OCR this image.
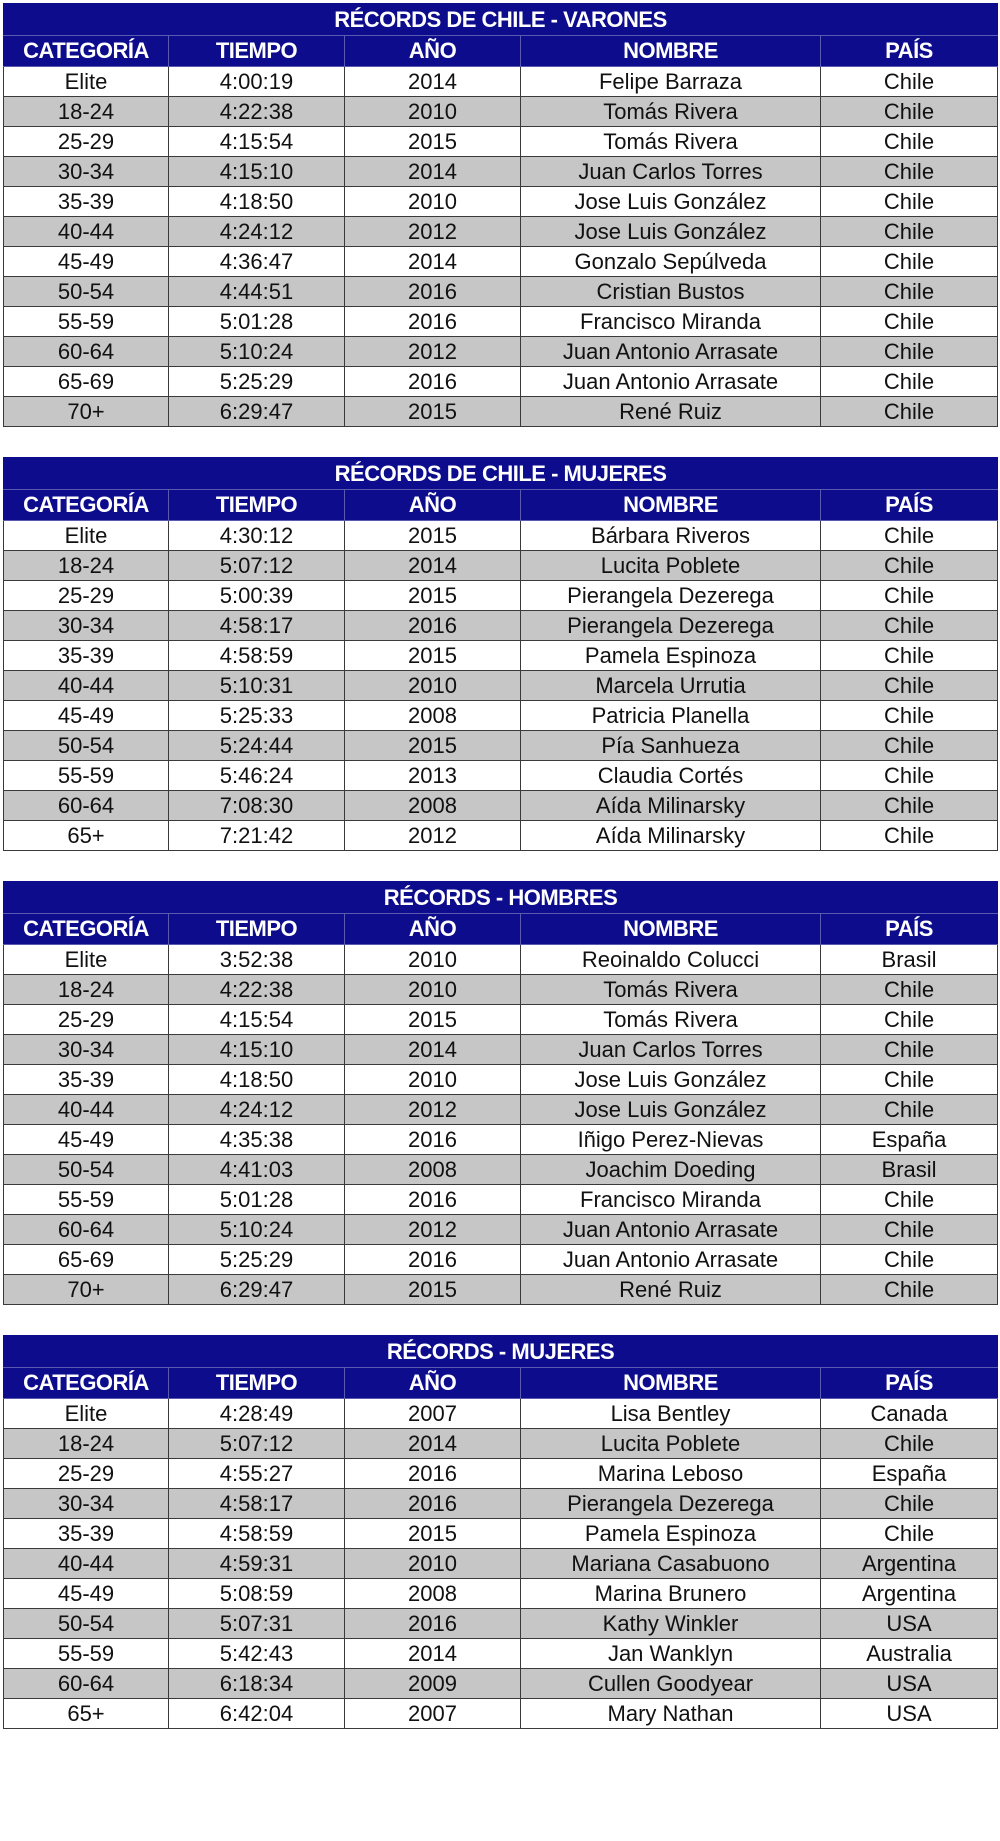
RÉCORDS DE CHILE - VARONES				
CATEGORÍA	TIEMPO	AÑO	NOMBRE	PAÍS
Elite	4:00:19	2014	Felipe Barraza	Chile
18-24	4:22:38	2010	Tomás Rivera	Chile
25-29	4:15:54	2015	Tomás Rivera	Chile
30-34	4:15:10	2014	Juan Carlos Torres	Chile
35-39	4:18:50	2010	Jose Luis González	Chile
40-44	4:24:12	2012	Jose Luis González	Chile
45-49	4:36:47	2014	Gonzalo Sepúlveda	Chile
50-54	4:44:51	2016	Cristian Bustos	Chile
55-59	5:01:28	2016	Francisco Miranda	Chile
60-64	5:10:24	2012	Juan Antonio Arrasate	Chile
65-69	5:25:29	2016	Juan Antonio Arrasate	Chile
70+	6:29:47	2015	René Ruiz	Chile
RÉCORDS DE CHILE - MUJERES				
CATEGORÍA	TIEMPO	AÑO	NOMBRE	PAÍS
Elite	4:30:12	2015	Bárbara Riveros	Chile
18-24	5:07:12	2014	Lucita Poblete	Chile
25-29	5:00:39	2015	Pierangela Dezerega	Chile
30-34	4:58:17	2016	Pierangela Dezerega	Chile
35-39	4:58:59	2015	Pamela Espinoza	Chile
40-44	5:10:31	2010	Marcela Urrutia	Chile
45-49	5:25:33	2008	Patricia Planella	Chile
50-54	5:24:44	2015	Pía Sanhueza	Chile
55-59	5:46:24	2013	Claudia Cortés	Chile
60-64	7:08:30	2008	Aída Milinarsky	Chile
65+	7:21:42	2012	Aída Milinarsky	Chile
RÉCORDS - HOMBRES				
CATEGORÍA	TIEMPO	AÑO	NOMBRE	PAÍS
Elite	3:52:38	2010	Reoinaldo Colucci	Brasil
18-24	4:22:38	2010	Tomás Rivera	Chile
25-29	4:15:54	2015	Tomás Rivera	Chile
30-34	4:15:10	2014	Juan Carlos Torres	Chile
35-39	4:18:50	2010	Jose Luis González	Chile
40-44	4:24:12	2012	Jose Luis González	Chile
45-49	4:35:38	2016	Iñigo Perez-Nievas	España
50-54	4:41:03	2008	Joachim Doeding	Brasil
55-59	5:01:28	2016	Francisco Miranda	Chile
60-64	5:10:24	2012	Juan Antonio Arrasate	Chile
65-69	5:25:29	2016	Juan Antonio Arrasate	Chile
70+	6:29:47	2015	René Ruiz	Chile
RÉCORDS - MUJERES				
CATEGORÍA	TIEMPO	AÑO	NOMBRE	PAÍS
Elite	4:28:49	2007	Lisa Bentley	Canada
18-24	5:07:12	2014	Lucita Poblete	Chile
25-29	4:55:27	2016	Marina Leboso	España
30-34	4:58:17	2016	Pierangela Dezerega	Chile
35-39	4:58:59	2015	Pamela Espinoza	Chile
40-44	4:59:31	2010	Mariana Casabuono	Argentina
45-49	5:08:59	2008	Marina Brunero	Argentina
50-54	5:07:31	2016	Kathy Winkler	USA
55-59	5:42:43	2014	Jan Wanklyn	Australia
60-64	6:18:34	2009	Cullen Goodyear	USA
65+	6:42:04	2007	Mary Nathan	USA
